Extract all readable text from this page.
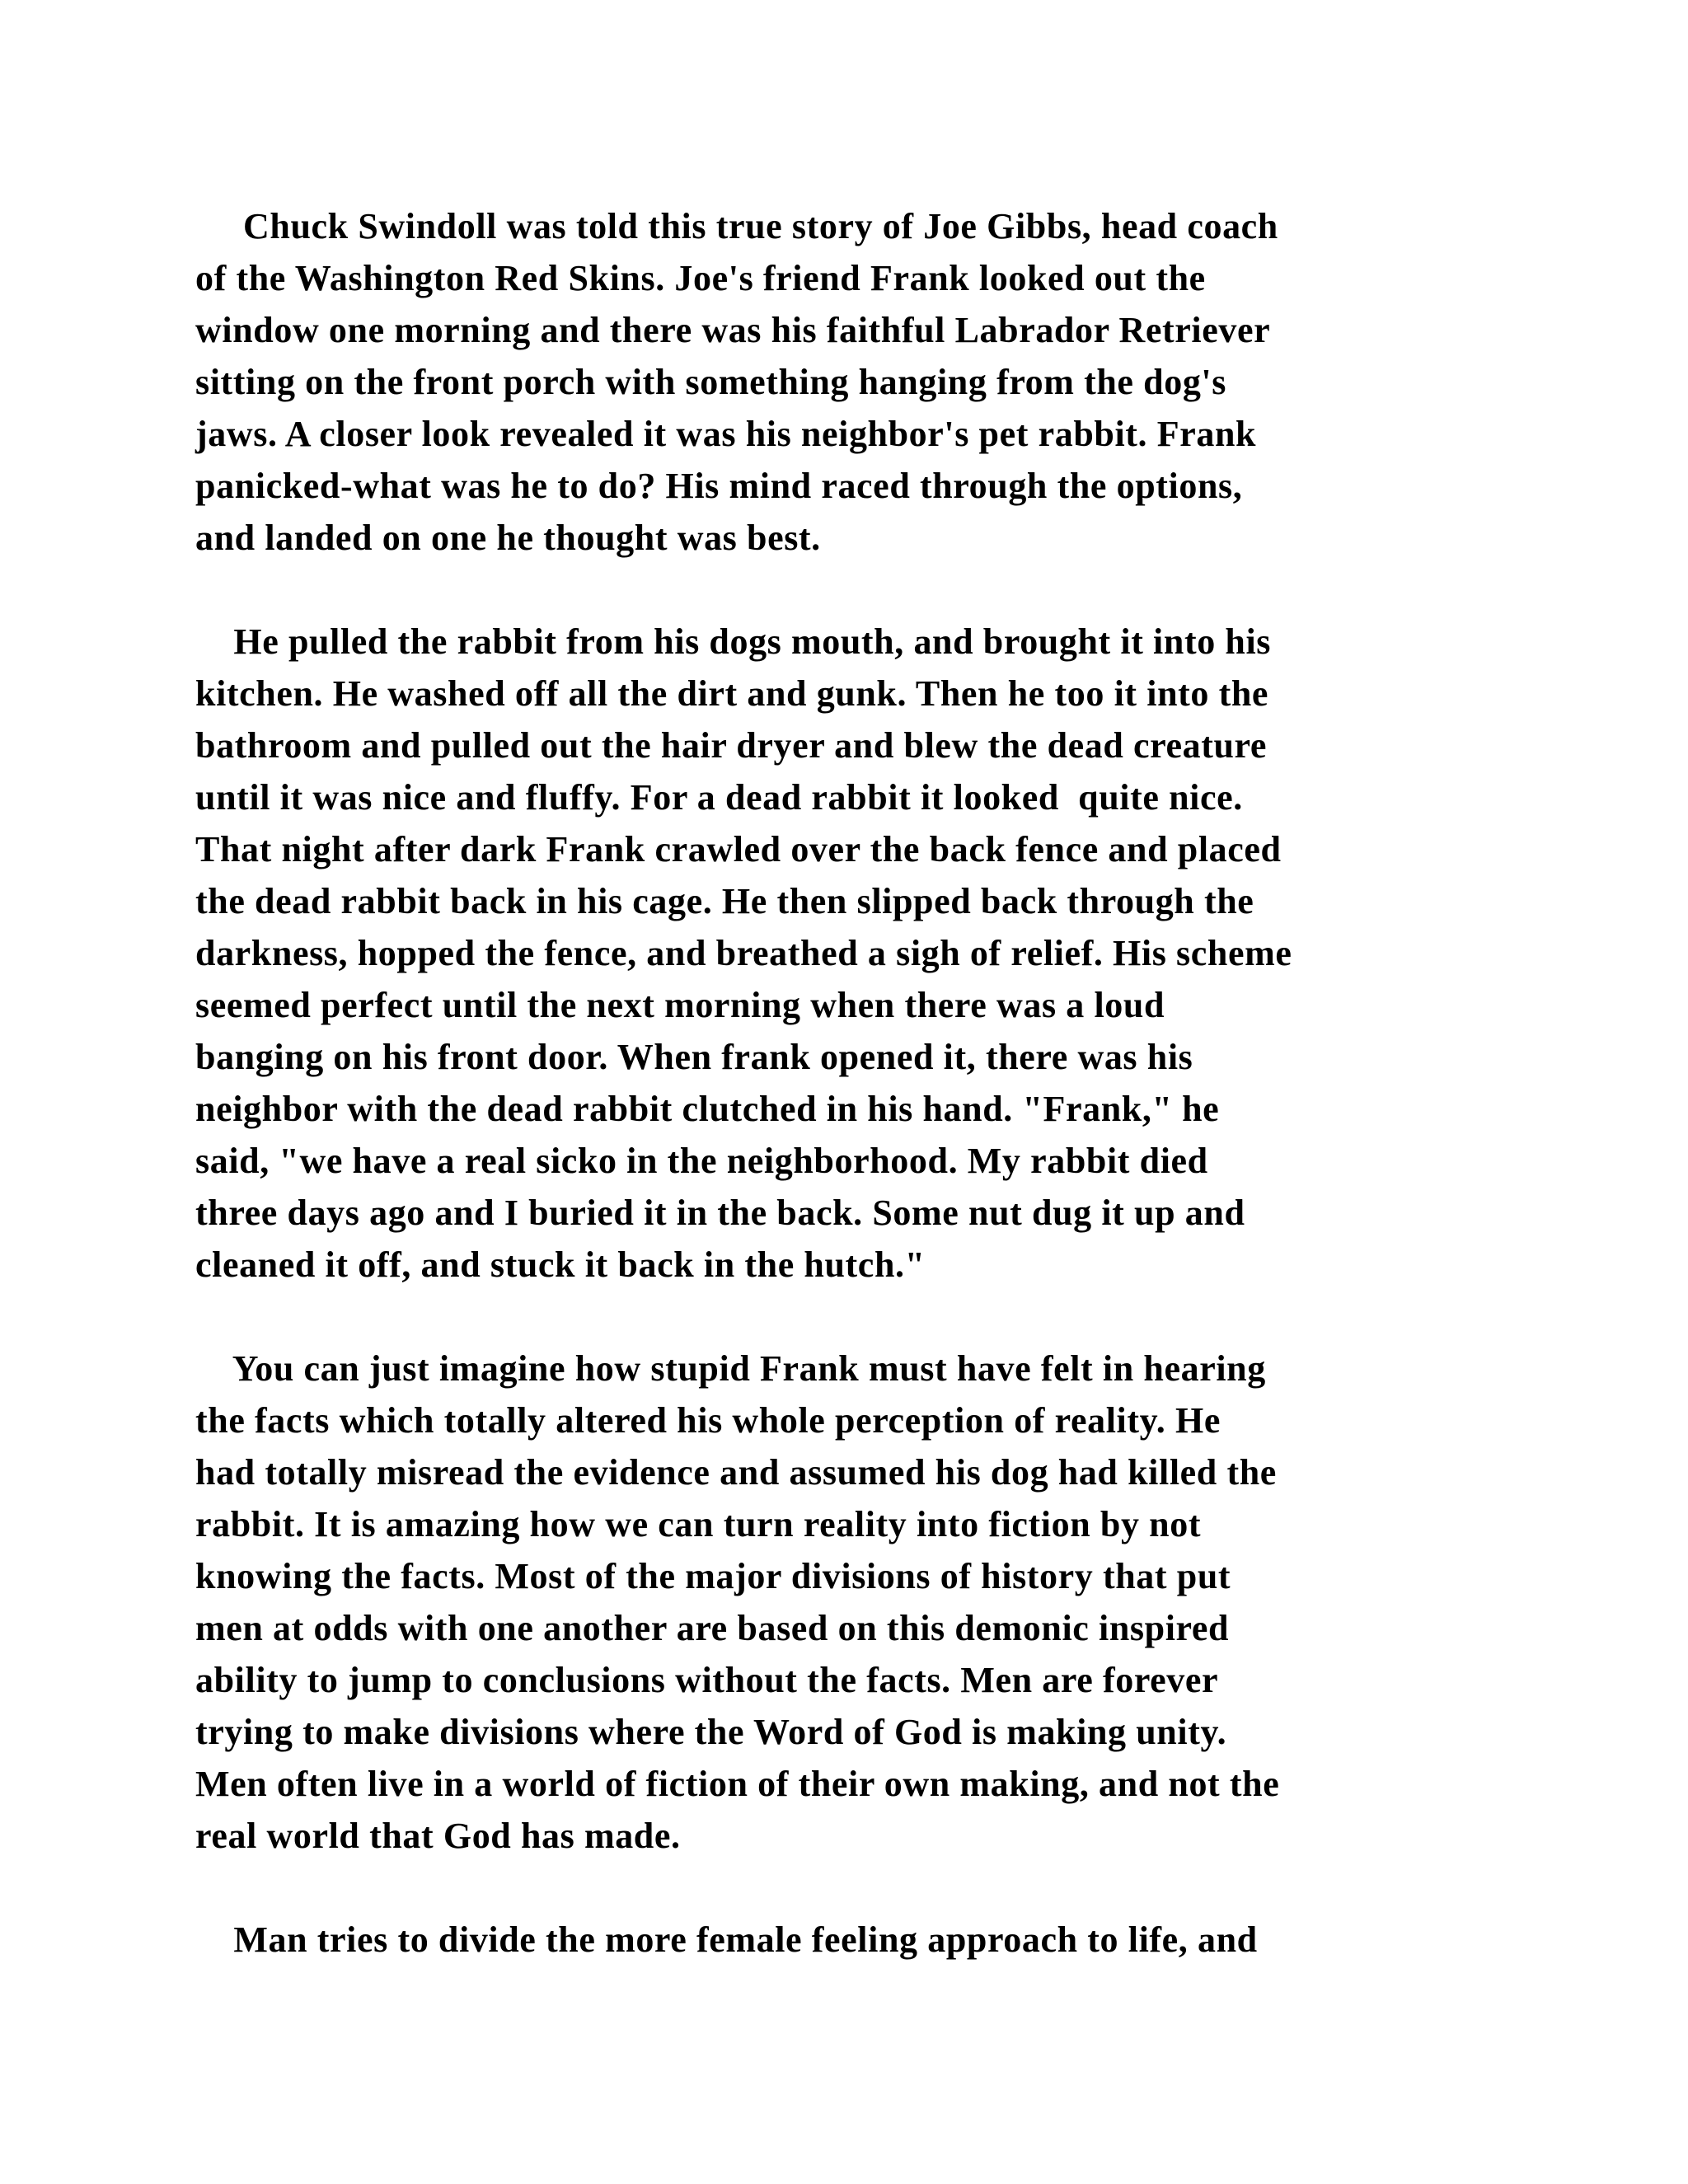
Chuck Swindoll was told this true story of Joe Gibbs, head coach
of the Washington Red Skins. Joe's friend Frank looked out the
window one morning and there was his faithful Labrador Retriever
sitting on the front porch with something hanging from the dog's
jaws. A closer look revealed it was his neighbor's pet rabbit. Frank
panicked-what was he to do? His mind raced through the options,
and landed on one he thought was best.
He pulled the rabbit from his dogs mouth, and brought it into his
kitchen. He washed off all the dirt and gunk. Then he too it into the
bathroom and pulled out the hair dryer and blew the dead creature
until it was nice and fluffy. For a dead rabbit it looked  quite nice.
That night after dark Frank crawled over the back fence and placed
the dead rabbit back in his cage. He then slipped back through the
darkness, hopped the fence, and breathed a sigh of relief. His scheme
seemed perfect until the next morning when there was a loud
banging on his front door. When frank opened it, there was his
neighbor with the dead rabbit clutched in his hand. "Frank," he
said, "we have a real sicko in the neighborhood. My rabbit died
three days ago and I buried it in the back. Some nut dug it up and
cleaned it off, and stuck it back in the hutch."
You can just imagine how stupid Frank must have felt in hearing
the facts which totally altered his whole perception of reality. He
had totally misread the evidence and assumed his dog had killed the
rabbit. It is amazing how we can turn reality into fiction by not
knowing the facts. Most of the major divisions of history that put
men at odds with one another are based on this demonic inspired
ability to jump to conclusions without the facts. Men are forever
trying to make divisions where the Word of God is making unity.
Men often live in a world of fiction of their own making, and not the
real world that God has made.
Man tries to divide the more female feeling approach to life, and
